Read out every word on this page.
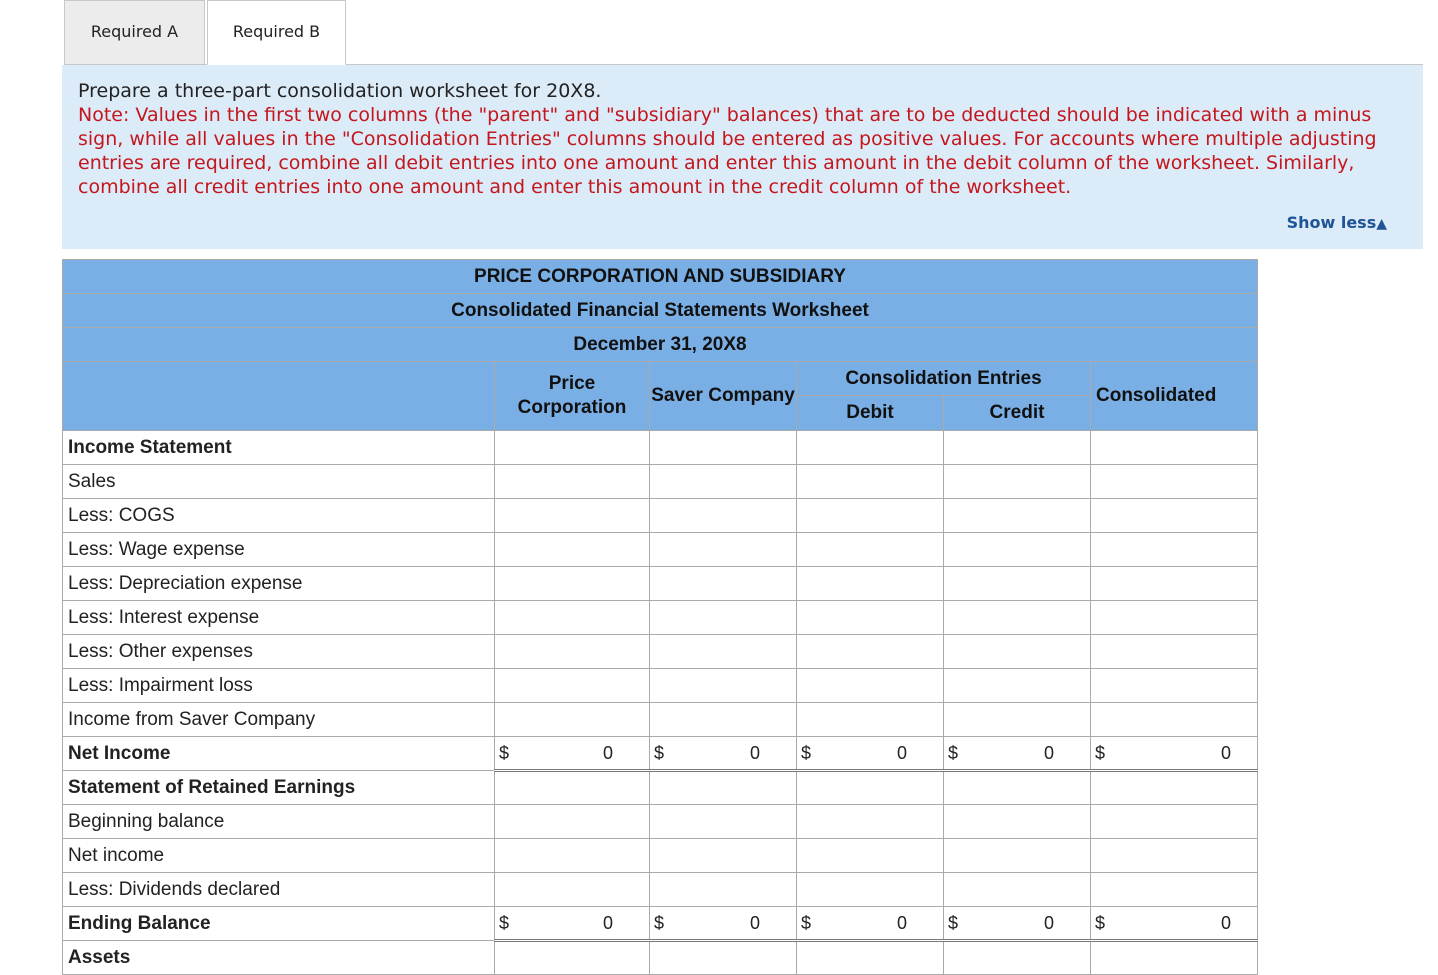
Required A	Required B
Prepare a three-part consolidation worksheet for 20X8.
Note: Values in the first two columns (the "parent" and "subsidiary" balances) that are to be deducted should be indicated with a minus sign, while all values in the "Consolidation Entries" columns should be entered as positive values. For accounts where multiple adjusting entries are required, combine all debit entries into one amount and enter this amount in the debit column of the worksheet. Similarly, combine all credit entries into one amount and enter this amount in the credit column of the worksheet.
Show less▲
PRICE CORPORATION AND SUBSIDIARY					
Consolidated Financial Statements Worksheet					
December 31, 20X8					
	Price Corporation	Saver Company	Consolidation Entries		Consolidated
			Debit	Credit	
Income Statement					
Sales					
Less: COGS					
Less: Wage expense					
Less: Depreciation expense					
Less: Interest expense					
Less: Other expenses					
Less: Impairment loss					
Income from Saver Company					
Net Income	$ 0	$ 0	$ 0	$ 0	$ 0

Statement of Retained Earnings					
Beginning balance					
Net income					
Less: Dividends declared					
Ending Balance	$ 0	$ 0	$ 0	$ 0	$ 0

Assets					
